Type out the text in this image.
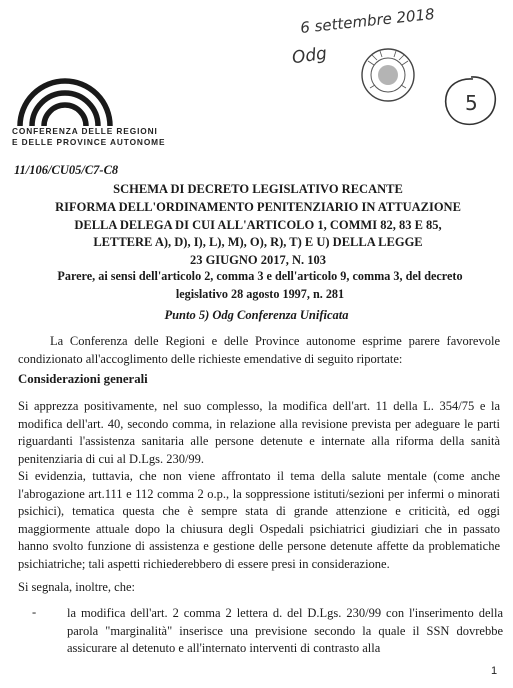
CONFERENZA DELLE REGIONI
E DELLE PROVINCE AUTONOME
6 settembre 2018
Odg
5
11/106/CU05/C7-C8
SCHEMA DI DECRETO LEGISLATIVO RECANTE
RIFORMA DELL'ORDINAMENTO PENITENZIARIO IN ATTUAZIONE
DELLA DELEGA DI CUI ALL'ARTICOLO 1, COMMI 82, 83 E 85,
LETTERE A), D), I), L), M), O), R), T) E U) DELLA LEGGE
23 GIUGNO 2017, N. 103
Parere, ai sensi dell'articolo 2, comma 3 e dell'articolo 9, comma 3, del decreto
legislativo 28 agosto 1997, n. 281
Punto 5) Odg Conferenza Unificata

La Conferenza delle Regioni e delle Province autonome esprime parere favorevole condizionato all'accoglimento delle richieste emendative di seguito riportate:

Considerazioni generali

Si apprezza positivamente, nel suo complesso, la modifica dell'art. 11 della L. 354/75 e la modifica dell'art. 40, secondo comma, in relazione alla revisione prevista per adeguare le parti riguardanti l'assistenza sanitaria alle persone detenute e internate alla riforma della sanità penitenziaria di cui al D.Lgs. 230/99.

Si evidenzia, tuttavia, che non viene affrontato il tema della salute mentale (come anche l'abrogazione art.111 e 112 comma 2 o.p., la soppressione istituti/sezioni per infermi o minorati psichici), tematica questa che è sempre stata di grande attenzione e criticità, ed oggi maggiormente attuale dopo la chiusura degli Ospedali psichiatrici giudiziari che in passato hanno svolto funzione di assistenza e gestione delle persone detenute affette da problematiche psichiatriche; tali aspetti richiederebbero di essere presi in considerazione.

Si segnala, inoltre, che:
- la modifica dell'art. 2 comma 2 lettera d. del D.Lgs. 230/99 con l'inserimento della parola "marginalità" inserisce una previsione secondo la quale il SSN dovrebbe assicurare al detenuto e all'internato interventi di contrasto alla

1
